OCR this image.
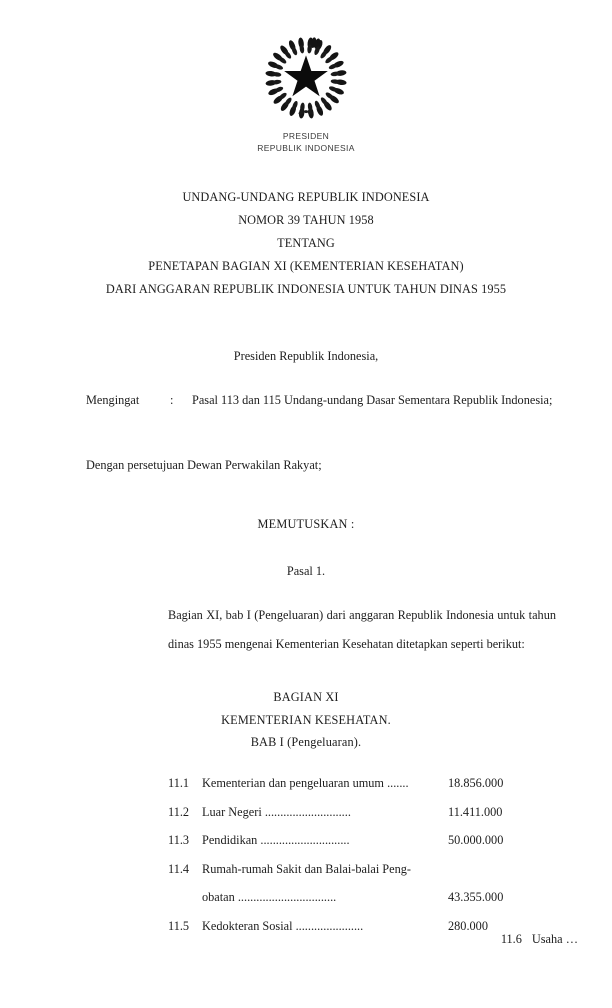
PRESIDEN
REPUBLIK INDONESIA
UNDANG-UNDANG REPUBLIK INDONESIA
NOMOR 39 TAHUN 1958
TENTANG
PENETAPAN BAGIAN XI (KEMENTERIAN KESEHATAN)
DARI ANGGARAN REPUBLIK INDONESIA UNTUK TAHUN DINAS 1955
Presiden Republik Indonesia,
Mengingat	:	Pasal 113 dan 115 Undang-undang Dasar Sementara Republik Indonesia;
Dengan persetujuan Dewan Perwakilan Rakyat;
MEMUTUSKAN :
Pasal 1.
Bagian XI, bab I (Pengeluaran) dari anggaran Republik Indonesia untuk tahun dinas 1955 mengenai Kementerian Kesehatan ditetapkan seperti berikut:
BAGIAN XI
KEMENTERIAN KESEHATAN.
BAB I (Pengeluaran).
11.1	Kementerian dan pengeluaran umum .......	18.856.000
11.2	Luar Negeri ............................	11.411.000
11.3	Pendidikan .............................	50.000.000
11.4	Rumah-rumah Sakit dan Balai-balai Peng-
obatan ................................	43.355.000
11.5	Kedokteran Sosial ......................	280.000
11.6 Usaha …
